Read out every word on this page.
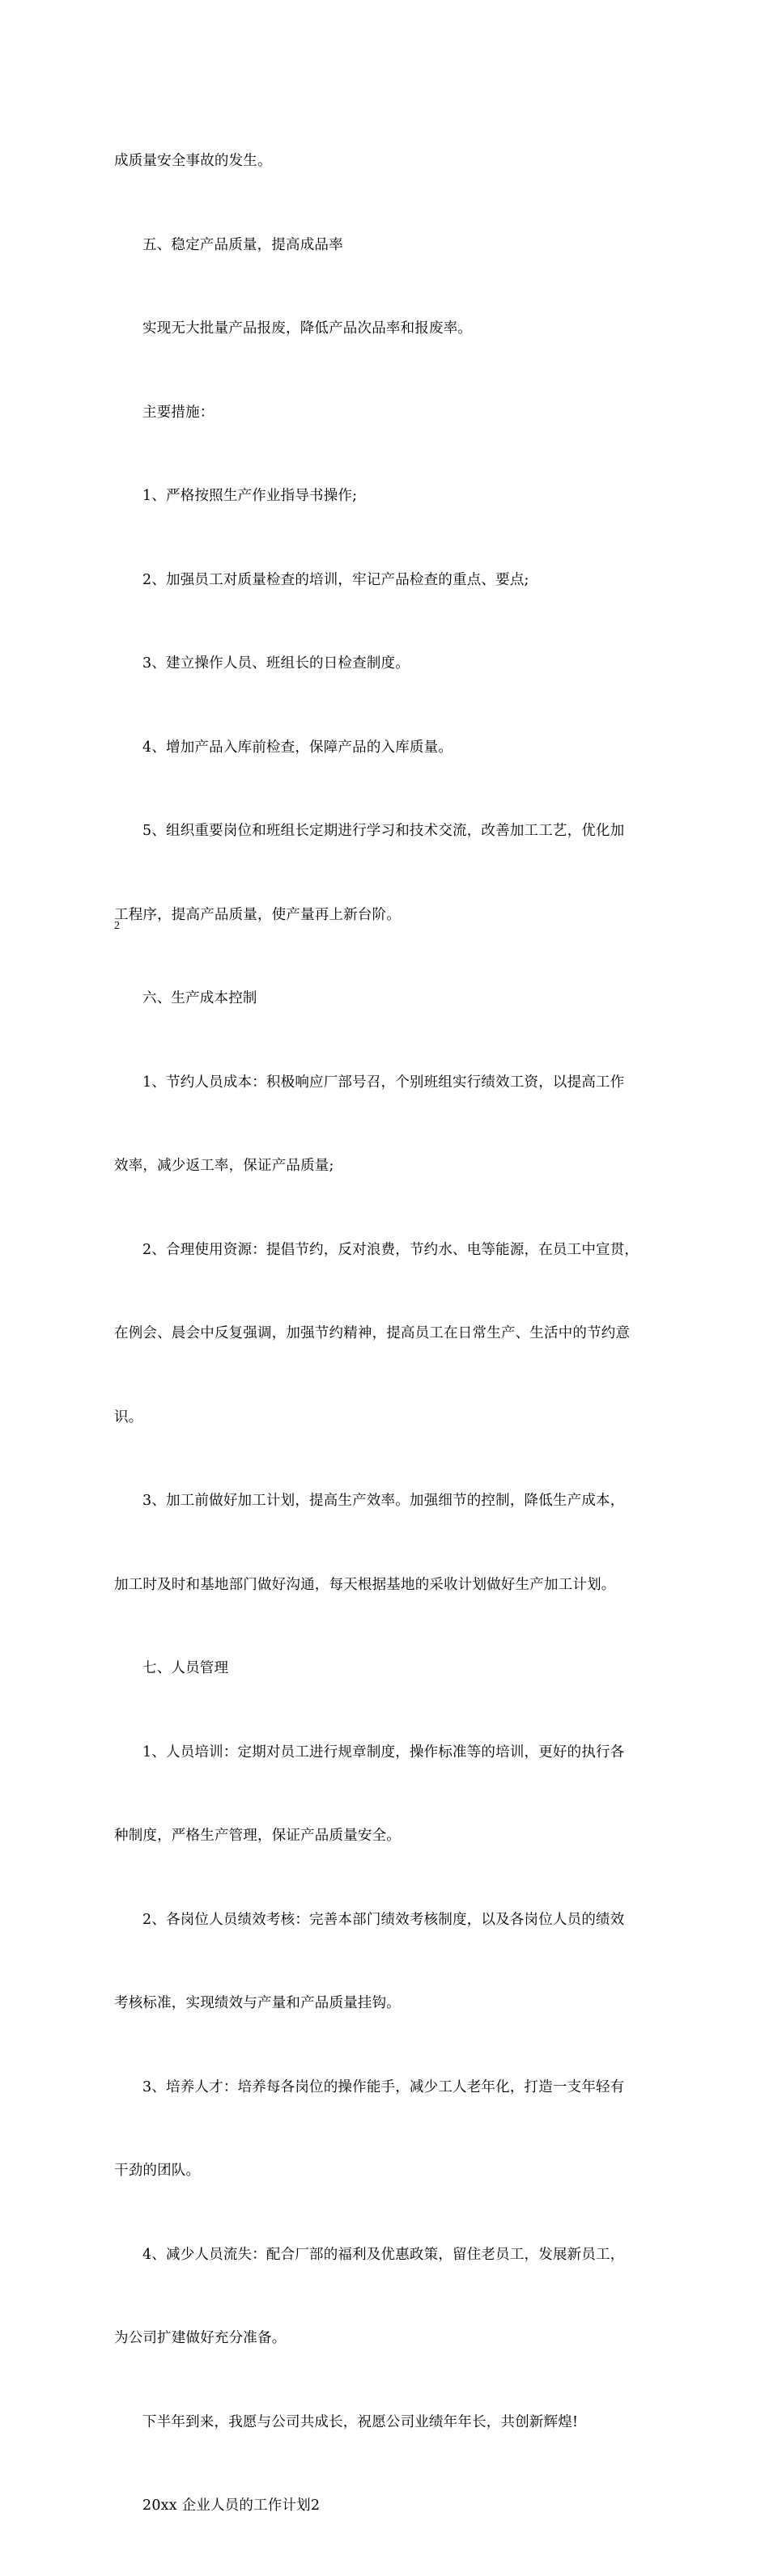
成质量安全事故的发生。

五、稳定产品质量，提高成品率

实现无大批量产品报废，降低产品次品率和报废率。

主要措施：

1、严格按照生产作业指导书操作;

2、加强员工对质量检查的培训，牢记产品检查的重点、要点;

3、建立操作人员、班组长的日检查制度。

4、增加产品入库前检查，保障产品的入库质量。

5、组织重要岗位和班组长定期进行学习和技术交流，改善加工工艺，优化加

工程序，提高产品质量，使产量再上新台阶。

六、生产成本控制

1、节约人员成本：积极响应厂部号召，个别班组实行绩效工资，以提高工作

效率，减少返工率，保证产品质量;

2、合理使用资源：提倡节约，反对浪费，节约水、电等能源，在员工中宣贯，

在例会、晨会中反复强调，加强节约精神，提高员工在日常生产、生活中的节约意

识。

3、加工前做好加工计划，提高生产效率。加强细节的控制，降低生产成本，

加工时及时和基地部门做好沟通，每天根据基地的采收计划做好生产加工计划。

七、人员管理

1、人员培训：定期对员工进行规章制度，操作标准等的培训，更好的执行各

种制度，严格生产管理，保证产品质量安全。

2、各岗位人员绩效考核：完善本部门绩效考核制度，以及各岗位人员的绩效

考核标准，实现绩效与产量和产品质量挂钩。

3、培养人才：培养每各岗位的操作能手，减少工人老年化，打造一支年轻有

干劲的团队。

4、减少人员流失：配合厂部的福利及优惠政策，留住老员工，发展新员工，

为公司扩建做好充分准备。

下半年到来，我愿与公司共成长，祝愿公司业绩年年长，共创新辉煌!

20xx 企业人员的工作计划2

2
